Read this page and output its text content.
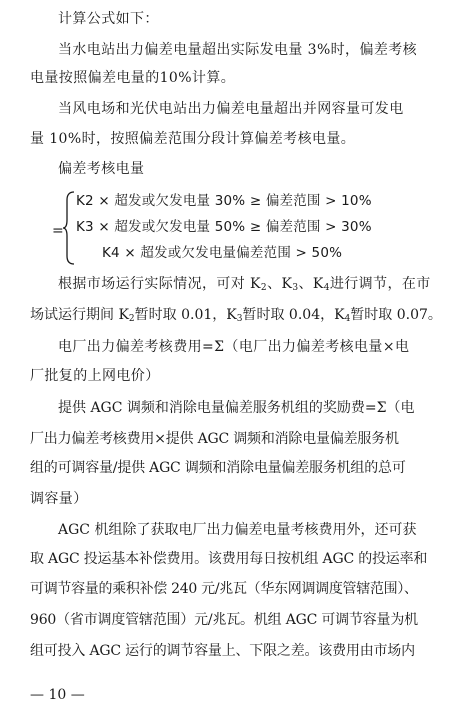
计算公式如下：
当水电站出力偏差电量超出实际发电量 3%时，偏差考核
电量按照偏差电量的10%计算。
当风电场和光伏电站出力偏差电量超出并网容量可发电
量 10%时，按照偏差范围分段计算偏差考核电量。
偏差考核电量
=
K2 × 超发或欠发电量 30% ≥ 偏差范围 > 10%
K3 × 超发或欠发电量 50% ≥ 偏差范围 > 30%
K4 × 超发或欠发电量偏差范围 > 50%
根据市场运行实际情况，可对 $K_2$、$K_3$、$K_4$进行调节，在市
场试运行期间 $K_2$暂时取 0.01，$K_3$暂时取 0.04，$K_4$暂时取 0.07。
电厂出力偏差考核费用=Σ（电厂出力偏差考核电量×电
厂批复的上网电价）
提供 AGC 调频和消除电量偏差服务机组的奖励费=Σ（电
厂出力偏差考核费用×提供 AGC 调频和消除电量偏差服务机
组的可调容量/提供 AGC 调频和消除电量偏差服务机组的总可
调容量）
AGC 机组除了获取电厂出力偏差电量考核费用外，还可获
取 AGC 投运基本补偿费用。该费用每日按机组 AGC 的投运率和
可调节容量的乘积补偿 240 元/兆瓦（华东网调调度管辖范围）、
960（省市调度管辖范围）元/兆瓦。机组 AGC 可调节容量为机
组可投入 AGC 运行的调节容量上、下限之差。该费用由市场内
— 10 —
